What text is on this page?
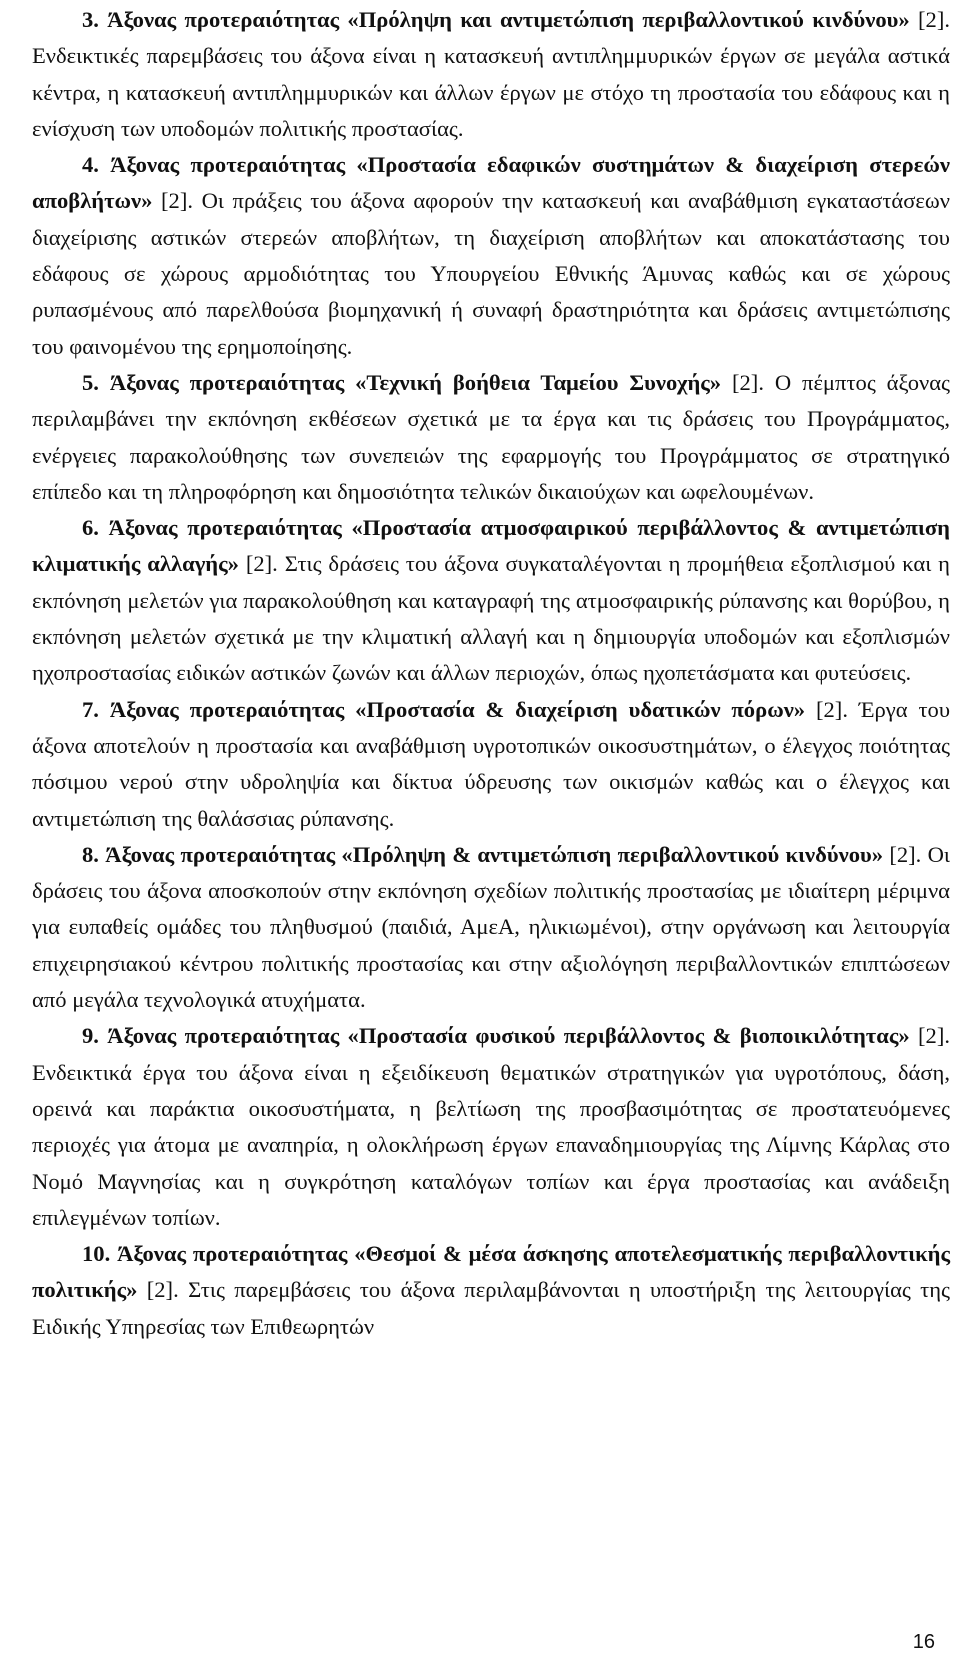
3. Άξονας προτεραιότητας «Πρόληψη και αντιμετώπιση περιβαλλοντικού κινδύνου» [2]. Ενδεικτικές παρεμβάσεις του άξονα είναι η κατασκευή αντιπλημμυρικών έργων σε μεγάλα αστικά κέντρα, η κατασκευή αντιπλημμυρικών και άλλων έργων με στόχο τη προστασία του εδάφους και η ενίσχυση των υποδομών πολιτικής προστασίας.

4. Άξονας προτεραιότητας «Προστασία εδαφικών συστημάτων & διαχείριση στερεών αποβλήτων» [2]. Οι πράξεις του άξονα αφορούν την κατασκευή και αναβάθμιση εγκαταστάσεων διαχείρισης αστικών στερεών αποβλήτων, τη διαχείριση αποβλήτων και αποκατάστασης του εδάφους σε χώρους αρμοδιότητας του Υπουργείου Εθνικής Άμυνας καθώς και σε χώρους ρυπασμένους από παρελθούσα βιομηχανική ή συναφή δραστηριότητα και δράσεις αντιμετώπισης του φαινομένου της ερημοποίησης.

5. Άξονας προτεραιότητας «Τεχνική βοήθεια Ταμείου Συνοχής» [2]. Ο πέμπτος άξονας περιλαμβάνει την εκπόνηση εκθέσεων σχετικά με τα έργα και τις δράσεις του Προγράμματος, ενέργειες παρακολούθησης των συνεπειών της εφαρμογής του Προγράμματος σε στρατηγικό επίπεδο και τη πληροφόρηση και δημοσιότητα τελικών δικαιούχων και ωφελουμένων.

6. Άξονας προτεραιότητας «Προστασία ατμοσφαιρικού περιβάλλοντος & αντιμετώπιση κλιματικής αλλαγής» [2]. Στις δράσεις του άξονα συγκαταλέγονται η προμήθεια εξοπλισμού και η εκπόνηση μελετών για παρακολούθηση και καταγραφή της ατμοσφαιρικής ρύπανσης και θορύβου, η εκπόνηση μελετών σχετικά με την κλιματική αλλαγή και η δημιουργία υποδομών και εξοπλισμών ηχοπροστασίας ειδικών αστικών ζωνών και άλλων περιοχών, όπως ηχοπετάσματα και φυτεύσεις.

7. Άξονας προτεραιότητας «Προστασία & διαχείριση υδατικών πόρων» [2]. Έργα του άξονα αποτελούν η προστασία και αναβάθμιση υγροτοπικών οικοσυστημάτων, ο έλεγχος ποιότητας πόσιμου νερού στην υδροληψία και δίκτυα ύδρευσης των οικισμών καθώς και ο έλεγχος και αντιμετώπιση της θαλάσσιας ρύπανσης.

8. Άξονας προτεραιότητας «Πρόληψη & αντιμετώπιση περιβαλλοντικού κινδύνου» [2]. Οι δράσεις του άξονα αποσκοπούν στην εκπόνηση σχεδίων πολιτικής προστασίας με ιδιαίτερη μέριμνα για ευπαθείς ομάδες του πληθυσμού (παιδιά, ΑμεΑ, ηλικιωμένοι), στην οργάνωση και λειτουργία επιχειρησιακού κέντρου πολιτικής προστασίας και στην αξιολόγηση περιβαλλοντικών επιπτώσεων από μεγάλα τεχνολογικά ατυχήματα.

9. Άξονας προτεραιότητας «Προστασία φυσικού περιβάλλοντος & βιοποικιλότητας» [2]. Ενδεικτικά έργα του άξονα είναι η εξειδίκευση θεματικών στρατηγικών για υγροτόπους, δάση, ορεινά και παράκτια οικοσυστήματα, η βελτίωση της προσβασιμότητας σε προστατευόμενες περιοχές για άτομα με αναπηρία, η ολοκλήρωση έργων επαναδημιουργίας της Λίμνης Κάρλας στο Νομό Μαγνησίας και η συγκρότηση καταλόγων τοπίων και έργα προστασίας και ανάδειξη επιλεγμένων τοπίων.

10. Άξονας προτεραιότητας «Θεσμοί & μέσα άσκησης αποτελεσματικής περιβαλλοντικής πολιτικής» [2]. Στις παρεμβάσεις του άξονα περιλαμβάνονται η υποστήριξη της λειτουργίας της Ειδικής Υπηρεσίας των Επιθεωρητών

16
